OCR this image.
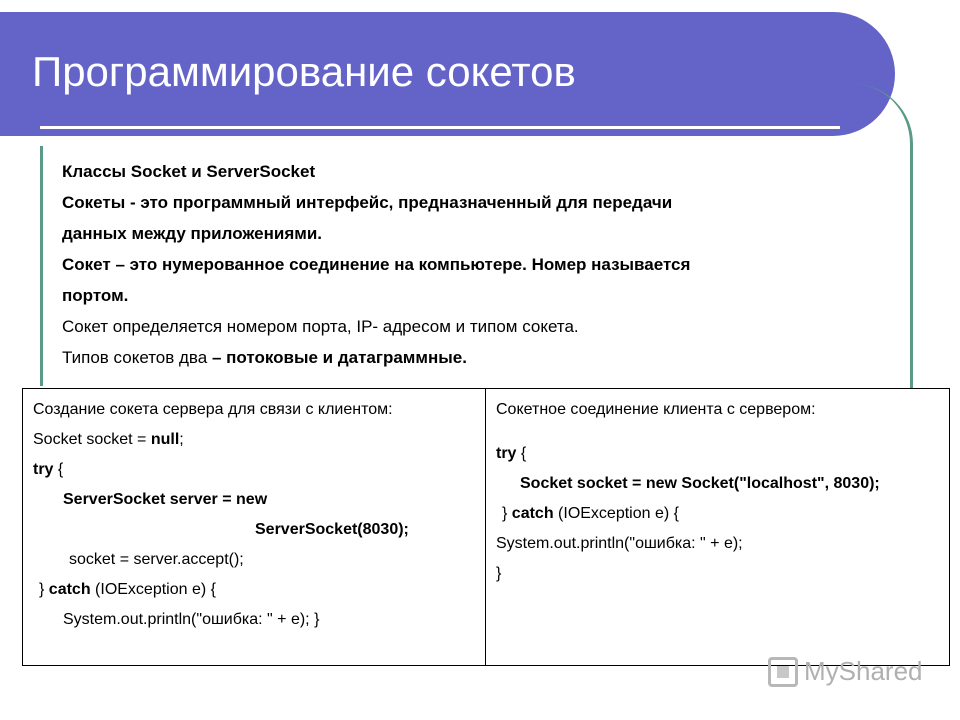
Программирование сокетов

Классы Socket и ServerSocket

Сокеты - это программный интерфейс, предназначенный для передачи

данных между приложениями.

Сокет – это нумерованное соединение на компьютере. Номер называется

портом.

Сокет определяется номером порта, IP- адресом и типом сокета.

Типов сокетов два – потоковые и датаграммные.

Создание сокета сервера для связи с клиентом:
Socket socket = null;
try {
ServerSocket server = new
ServerSocket(8030);
socket = server.accept();
} catch (IOException e) {
System.out.println("ошибка: " + e); }
Сокетное соединение клиента с сервером:
try {
Socket socket = new Socket("localhost", 8030);
} catch (IOException e) {
System.out.println("ошибка: " + e);
}
MyShared
